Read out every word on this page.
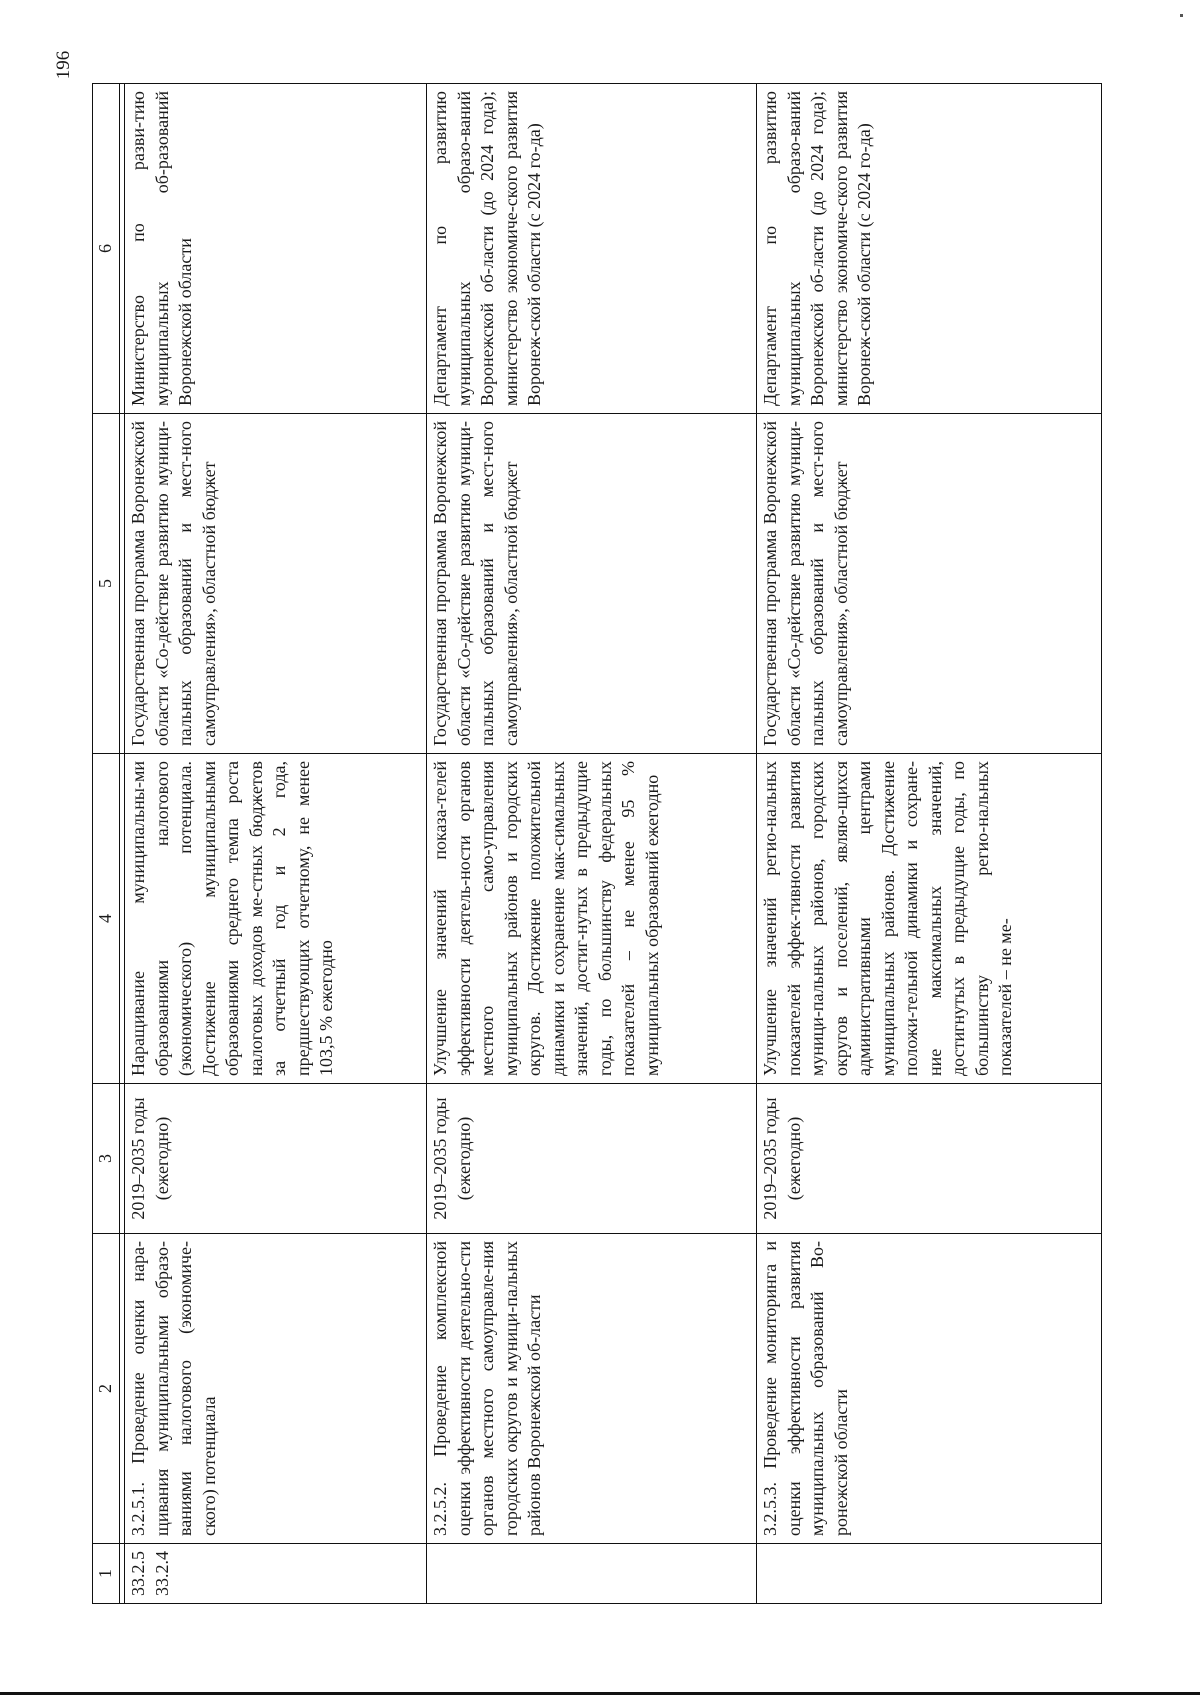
196
1	2	3	4	5	6

33.2.5 33.2.4	3.2.5.1. Проведение оценки нара-щивания муниципальными образо-ваниями налогового (экономиче-ского) потенциала	2019–2035 годы (ежегодно)	Наращивание муниципальны-ми образованиями налогового (экономического) потенциала. Достижение муниципальными образованиями среднего темпа роста налоговых доходов ме-стных бюджетов за отчетный год и 2 года, предшествующих отчетному, не менее 103,5 % ежегодно	Государственная программа Воронежской области «Со-действие развитию муници-пальных образований и мест-ного самоуправления», областной бюджет	Министерство по разви-тию муниципальных об-разований Воронежской области
	3.2.5.2. Проведение комплексной оценки эффективности деятельно-сти органов местного самоуправле-ния городских округов и муници-пальных районов Воронежской об-ласти	2019–2035 годы (ежегодно)	Улучшение значений показа-телей эффективности деятель-ности органов местного само-управления муниципальных районов и городских округов. Достижение положительной динамики и сохранение мак-симальных значений, достиг-нутых в предыдущие годы, по большинству федеральных показателей – не менее 95 % муниципальных образований ежегодно	Государственная программа Воронежской области «Со-действие развитию муници-пальных образований и мест-ного самоуправления», областной бюджет	Департамент по развитию муниципальных образо-ваний Воронежской об-ласти (до 2024 года); министерство экономиче-ского развития Воронеж-ской области (с 2024 го-да)
	3.2.5.3. Проведение мониторинга и оценки эффективности развития муниципальных образований Во-ронежской области	2019–2035 годы (ежегодно)	Улучшение значений регио-нальных показателей эффек-тивности развития муници-пальных районов, городских округов и поселений, являю-щихся административными центрами муниципальных районов. Достижение положи-тельной динамики и сохране-ние максимальных значений, достигнутых в предыдущие годы, по большинству регио-нальных показателей – не ме-	Государственная программа Воронежской области «Со-действие развитию муници-пальных образований и мест-ного самоуправления», областной бюджет	Департамент по развитию муниципальных образо-ваний Воронежской об-ласти (до 2024 года); министерство экономиче-ского развития Воронеж-ской области (с 2024 го-да)
